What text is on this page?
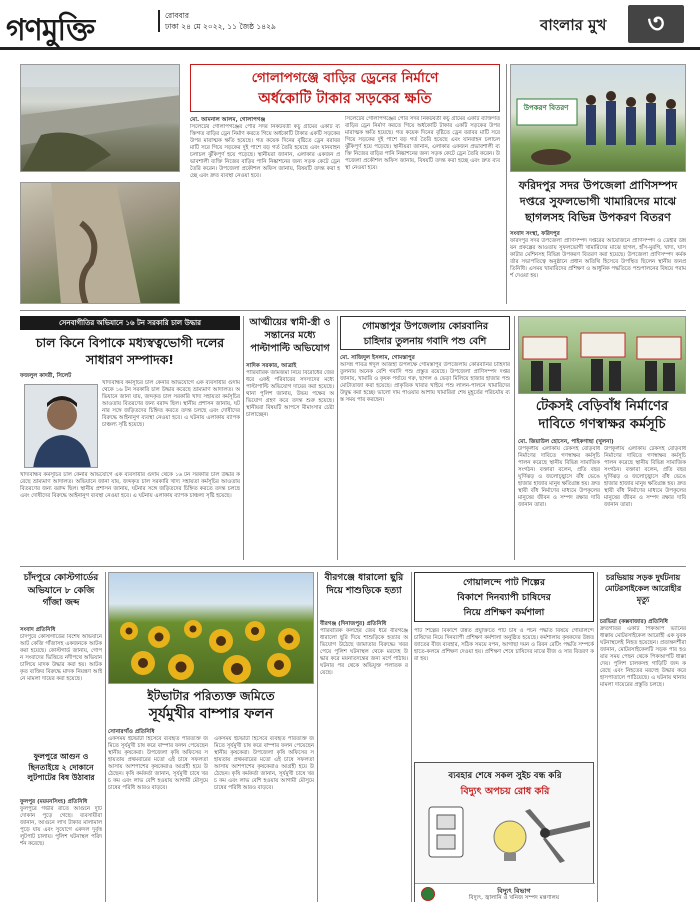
গণমুক্তি	রোববার
ঢাকা ২৪ মে ২০২২, ১১ জৈষ্ঠ ১৪২৯	বাংলার মুখ	৩
গোলাপগঞ্জে বাড়ির ড্রেনের নির্মাণে
অর্ধকোটি টাকার সড়কের ক্ষতি
মো. আমনাল আলম, গোলাপগঞ্জ
সিলেটের গোলাপগঞ্জের পৌর সদর নিকটবর্তী কচু গ্রামের একটি ব্যক্তিগত বাড়ির ড্রেন নির্মাণ করতে গিয়ে অর্ধকোটি টাকার একটি সড়কের উপর মারাত্মক ক্ষতি হয়েছে। গত কয়েক দিনের বৃষ্টিতে ড্রেন বরাবর মাটি সরে গিয়ে সড়কের দুই পাশে বড় গর্ত তৈরি হয়েছে এবং যানবাহন চলাচল ঝুঁকিপূর্ণ হয়ে পড়েছে। স্থানীয়রা জানান, এলাকার একজন প্রভাবশালী ব্যক্তি নিজের বাড়ির পানি নিষ্কাশনের জন্য সড়ক কেটে ড্রেন তৈরি করেন। উপজেলা প্রকৌশল অফিস জানায়, বিষয়টি তদন্ত করা হচ্ছে এবং দ্রুত ব্যবস্থা নেওয়া হবে।
সিলেটের গোলাপগঞ্জের পৌর সদর নিকটবর্তী কচু গ্রামের একটি ব্যক্তিগত বাড়ির ড্রেন নির্মাণ করতে গিয়ে অর্ধকোটি টাকার একটি সড়কের উপর মারাত্মক ক্ষতি হয়েছে। গত কয়েক দিনের বৃষ্টিতে ড্রেন বরাবর মাটি সরে গিয়ে সড়কের দুই পাশে বড় গর্ত তৈরি হয়েছে এবং যানবাহন চলাচল ঝুঁকিপূর্ণ হয়ে পড়েছে। স্থানীয়রা জানান, এলাকার একজন প্রভাবশালী ব্যক্তি নিজের বাড়ির পানি নিষ্কাশনের জন্য সড়ক কেটে ড্রেন তৈরি করেন। উপজেলা প্রকৌশল অফিস জানায়, বিষয়টি তদন্ত করা হচ্ছে এবং দ্রুত ব্যবস্থা নেওয়া হবে।
উপকরণ বিতরণ
ফরিদপুর সদর উপজেলা প্রাণিসম্পদ
দপ্তরে সুফলভোগী খামারিদের মাঝে
ছাগলসহ বিভিন্ন উপকরণ বিতরণ
সংবাদ সংস্থা, ফরিদপুর
ফরিদপুর সদর উপজেলা প্রাণিসম্পদ দপ্তরের আয়োজনে প্রাণিসম্পদ ও ডেইরি উন্নয়ন প্রকল্পের আওতায় সুফলভোগী খামারিদের মাঝে ছাগল, হাঁস-মুরগি, খাদ্য, ঘাস কাটার মেশিনসহ বিভিন্ন উপকরণ বিতরণ করা হয়েছে। উপজেলা প্রাণিসম্পদ কর্মকর্তার সভাপতিত্বে অনুষ্ঠানে প্রধান অতিথি হিসেবে উপস্থিত ছিলেন স্থানীয় জনপ্রতিনিধি। এসময় খামারিদের প্রশিক্ষণ ও আধুনিক পদ্ধতিতে পশুপালনের বিষয়ে পরামর্শ দেওয়া হয়।
সেনবাগীতির অভিযানে ১৬ টন সরকারি চাল উদ্ধার
চাল কিনে বিপাকে মধ্যস্বত্বভোগী দলের সাধারণ সম্পাদক!
ফজলুল কাদরী, সিলেট
খাদ্যবান্ধব কর্মসূচির চাল কেনার অভিযোগে এক ব্যবসায়ীর গুদাম থেকে ১৬ টন সরকারি চাল উদ্ধার করেছে ভ্রাম্যমাণ আদালত। অভিযানে জানা যায়, জব্দকৃত চাল সরকারি খাদ্য সহায়তা কর্মসূচির আওতায় বিতরণের জন্য বরাদ্দ ছিল। স্থানীয় প্রশাসন জানায়, ঘটনার সঙ্গে জড়িতদের চিহ্নিত করতে তদন্ত চলছে এবং দোষীদের বিরুদ্ধে আইনানুগ ব্যবস্থা নেওয়া হবে। এ ঘটনায় এলাকায় ব্যাপক চাঞ্চল্য সৃষ্টি হয়েছে।
খাদ্যবান্ধব কর্মসূচির চাল কেনার অভিযোগে এক ব্যবসায়ীর গুদাম থেকে ১৬ টন সরকারি চাল উদ্ধার করেছে ভ্রাম্যমাণ আদালত। অভিযানে জানা যায়, জব্দকৃত চাল সরকারি খাদ্য সহায়তা কর্মসূচির আওতায় বিতরণের জন্য বরাদ্দ ছিল। স্থানীয় প্রশাসন জানায়, ঘটনার সঙ্গে জড়িতদের চিহ্নিত করতে তদন্ত চলছে এবং দোষীদের বিরুদ্ধে আইনানুগ ব্যবস্থা নেওয়া হবে। এ ঘটনায় এলাকায় ব্যাপক চাঞ্চল্য সৃষ্টি হয়েছে।
আত্মীয়ের স্বামী-স্ত্রী ও সন্তানের মধ্যে পাল্টাপাল্টি অভিযোগ
সাদিক সরকার, আত্রাই
পারিবারিক জমিজমা নিয়ে বিরোধের জের ধরে একই পরিবারের সদস্যদের মধ্যে পাল্টাপাল্টি অভিযোগ দায়ের করা হয়েছে। থানা পুলিশ জানায়, উভয় পক্ষের অভিযোগ গ্রহণ করে তদন্ত শুরু হয়েছে। স্থানীয়রা বিষয়টি আপসে মীমাংসার চেষ্টা চালাচ্ছেন।
গোমস্তাপুর উপজেলায় কোরবানির
চাহিদার তুলনায় গবাদি পশু বেশি
মো. সাজিদুল ইসলাম, গোমস্তাপুর
আসন্ন পবিত্র ঈদুল আজহা উপলক্ষে গোমস্তাপুর উপজেলায় কোরবানির চাহিদার তুলনায় অনেক বেশি গবাদি পশু প্রস্তুত রয়েছে। উপজেলা প্রাণিসম্পদ দপ্তর জানায়, খামারি ও কৃষক পর্যায়ে গরু, ছাগল ও ভেড়া মিলিয়ে হাজার হাজার পশু মোটাতাজা করা হয়েছে। প্রাকৃতিক খাবার খাইয়ে পশু লালন-পালনে খামারিদের উদ্বুদ্ধ করা হচ্ছে। ভালো দাম পাওয়ার আশায় খামারিরা শেষ মুহূর্তের পরিচর্যায় ব্যস্ত সময় পার করছেন।	টেকসই বেড়িবাঁধ নির্মাণের
দাবিতে গণস্বাক্ষর কর্মসূচি
মো. জিয়াউল হোসেন, পাইকগাছা (খুলনা)
উপকূলীয় এলাকায় টেকসই বেড়িবাঁধ নির্মাণের দাবিতে গণস্বাক্ষর কর্মসূচি পালন করেছে স্থানীয় বিভিন্ন সামাজিক সংগঠন। বক্তারা বলেন, প্রতি বছর ঘূর্ণিঝড় ও জলোচ্ছ্বাসে বাঁধ ভেঙে হাজার হাজার মানুষ ক্ষতিগ্রস্ত হয়। দ্রুত স্থায়ী বাঁধ নির্মাণের মাধ্যমে উপকূলের মানুষের জীবন ও সম্পদ রক্ষার দাবি জানান তারা।
উপকূলীয় এলাকায় টেকসই বেড়িবাঁধ নির্মাণের দাবিতে গণস্বাক্ষর কর্মসূচি পালন করেছে স্থানীয় বিভিন্ন সামাজিক সংগঠন। বক্তারা বলেন, প্রতি বছর ঘূর্ণিঝড় ও জলোচ্ছ্বাসে বাঁধ ভেঙে হাজার হাজার মানুষ ক্ষতিগ্রস্ত হয়। দ্রুত স্থায়ী বাঁধ নির্মাণের মাধ্যমে উপকূলের মানুষের জীবন ও সম্পদ রক্ষার দাবি জানান তারা।
চাঁদপুরে কোস্টগার্ডের অভিযানে ৮ কেজি গাঁজা জব্দ
সংবাদ প্রতিনিধি
চাঁদপুরে কোস্টগার্ডের বিশেষ অভিযানে আট কেজি গাঁজাসহ একজনকে আটক করা হয়েছে। কোস্টগার্ড জানায়, গোপন সংবাদের ভিত্তিতে নদীপথে অভিযান চালিয়ে মাদক উদ্ধার করা হয়। আটককৃত ব্যক্তির বিরুদ্ধে মাদক নিয়ন্ত্রণ আইনে মামলা দায়ের করা হয়েছে।
ফুলপুরে আগুন ও ছিনতাইয়ে ২ দোকানে লুটপাটের বিষ উঠাবার
ফুলপুর (ময়মনসিংহ) প্রতিনিধি
ফুলপুরে গভীর রাতে আগুনে দুটি দোকান পুড়ে গেছে। ব্যবসায়ীরা জানান, আগুনে লাখ টাকার মালামাল পুড়ে যায় এবং সুযোগে একদল দুর্বৃত্ত লুটপাট চালায়। পুলিশ ঘটনাস্থল পরিদর্শন করেছে।
ইটভাটার পরিত্যক্ত জমিতে
সূর্যমুখীর বাম্পার ফলন
সোনারগাঁও প্রতিনিধি
একসময় ইটভাটা হিসেবে ব্যবহৃত পরিত্যক্ত জমিতে সূর্যমুখী চাষ করে বাম্পার ফলন পেয়েছেন স্থানীয় কৃষকেরা। উপজেলা কৃষি অফিসের সহায়তায় প্রথমবারের মতো এই চাষে সফলতা আসায় আশপাশের কৃষকেরাও আগ্রহী হয়ে উঠেছেন। কৃষি কর্মকর্তা জানান, সূর্যমুখী চাষে খরচ কম এবং লাভ বেশি হওয়ায় আগামী মৌসুমে চাষের পরিধি আরও বাড়বে।
একসময় ইটভাটা হিসেবে ব্যবহৃত পরিত্যক্ত জমিতে সূর্যমুখী চাষ করে বাম্পার ফলন পেয়েছেন স্থানীয় কৃষকেরা। উপজেলা কৃষি অফিসের সহায়তায় প্রথমবারের মতো এই চাষে সফলতা আসায় আশপাশের কৃষকেরাও আগ্রহী হয়ে উঠেছেন। কৃষি কর্মকর্তা জানান, সূর্যমুখী চাষে খরচ কম এবং লাভ বেশি হওয়ায় আগামী মৌসুমে চাষের পরিধি আরও বাড়বে।
বীরগঞ্জে ধারালো ছুরি দিয়ে শাশুড়িকে হত্যা
বীরগঞ্জ (দিনাজপুর) প্রতিনিধি
পারিবারিক কলহের জের ধরে বীরগঞ্জে ধারালো ছুরি দিয়ে শাশুড়িকে হত্যার অভিযোগ উঠেছে জামাতার বিরুদ্ধে। খবর পেয়ে পুলিশ ঘটনাস্থল থেকে মরদেহ উদ্ধার করে ময়নাতদন্তের জন্য মর্গে পাঠায়। ঘটনার পর থেকে অভিযুক্ত পলাতক রয়েছে।
গোয়ালন্দে পাট শিল্পের
বিকাশে দিনব্যাপী চাষিদের
নিয়ে প্রশিক্ষণ কর্মশালা
পাট শিল্পের বিকাশে উন্নত প্রযুক্তিতে পাট চাষ ও পচন পদ্ধতি বিষয়ে গোয়ালন্দে চাষিদের নিয়ে দিনব্যাপী প্রশিক্ষণ কর্মশালা অনুষ্ঠিত হয়েছে। কর্মশালায় কৃষকদের উন্নত জাতের বীজ ব্যবহার, সঠিক সময়ে বপন, আগাছা দমন ও রিবন রেটিং পদ্ধতি সম্পর্কে হাতে-কলমে প্রশিক্ষণ দেওয়া হয়। প্রশিক্ষণ শেষে চাষিদের মাঝে বীজ ও সার বিতরণ করা হয়।
চরভিয়ায় সড়ক দুর্ঘটনায় মোটরসাইকেল আরোহীর মৃত্যু
চরভিয়া (কক্সবাজার) প্রতিনিধি
দ্রুতগতির একটি পিকআপ ভ্যানের ধাক্কায় মোটরসাইকেল আরোহী এক যুবক ঘটনাস্থলেই নিহত হয়েছেন। প্রত্যক্ষদর্শীরা জানান, মোটরসাইকেলটি সড়ক পার হওয়ার সময় পেছন থেকে পিকআপটি ধাক্কা দেয়। পুলিশ চালকসহ গাড়িটি জব্দ করেছে এবং নিহতের মরদেহ উদ্ধার করে হাসপাতালে পাঠিয়েছে। এ ঘটনায় থানায় মামলা দায়েরের প্রস্তুতি চলছে।
ব্যবহার শেষে সকল সুইচ বন্ধ করি
বিদ্যুৎ অপচয় রোধ করি
বিদ্যুৎ বিভাগ
বিদ্যুৎ, জ্বালানি ও খনিজ সম্পদ মন্ত্রণালয়
